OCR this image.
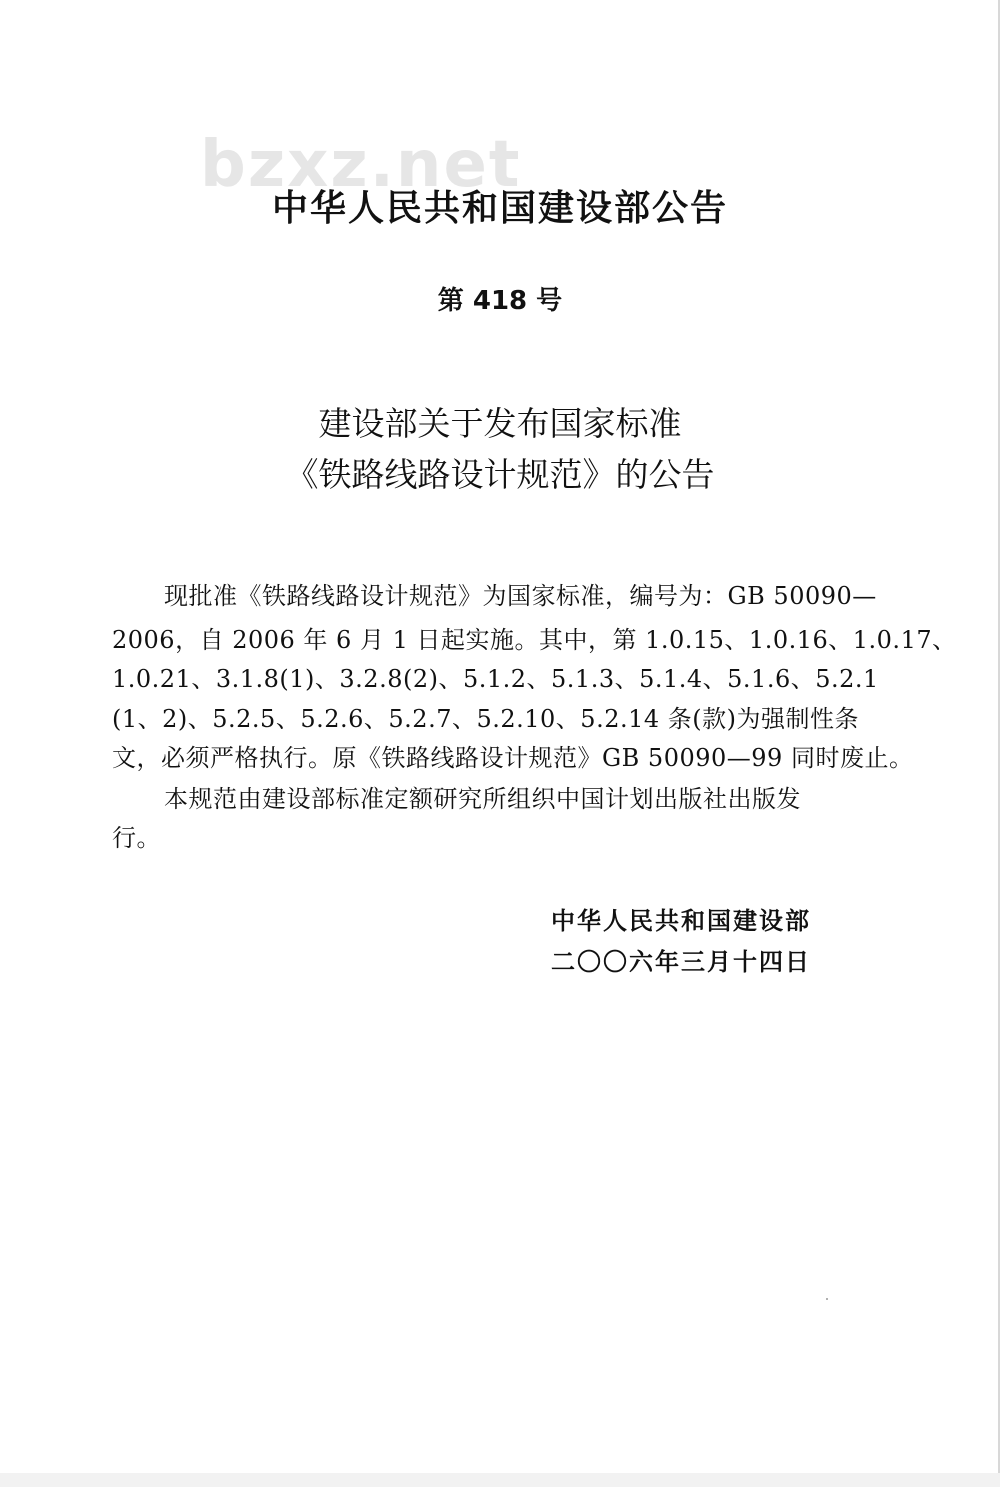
bzxz.net
中华人民共和国建设部公告
第 418 号
建设部关于发布国家标准
《铁路线路设计规范》的公告
现批准《铁路线路设计规范》为国家标准，编号为：GB 50090—
2006，自 2006 年 6 月 1 日起实施。其中，第 1.0.15、1.0.16、1.0.17、
1.0.21、3.1.8(1)、3.2.8(2)、5.1.2、5.1.3、5.1.4、5.1.6、5.2.1
(1、2)、5.2.5、5.2.6、5.2.7、5.2.10、5.2.14 条(款)为强制性条
文，必须严格执行。原《铁路线路设计规范》GB 50090—99 同时废止。
本规范由建设部标准定额研究所组织中国计划出版社出版发
行。
中华人民共和国建设部
二〇〇六年三月十四日
